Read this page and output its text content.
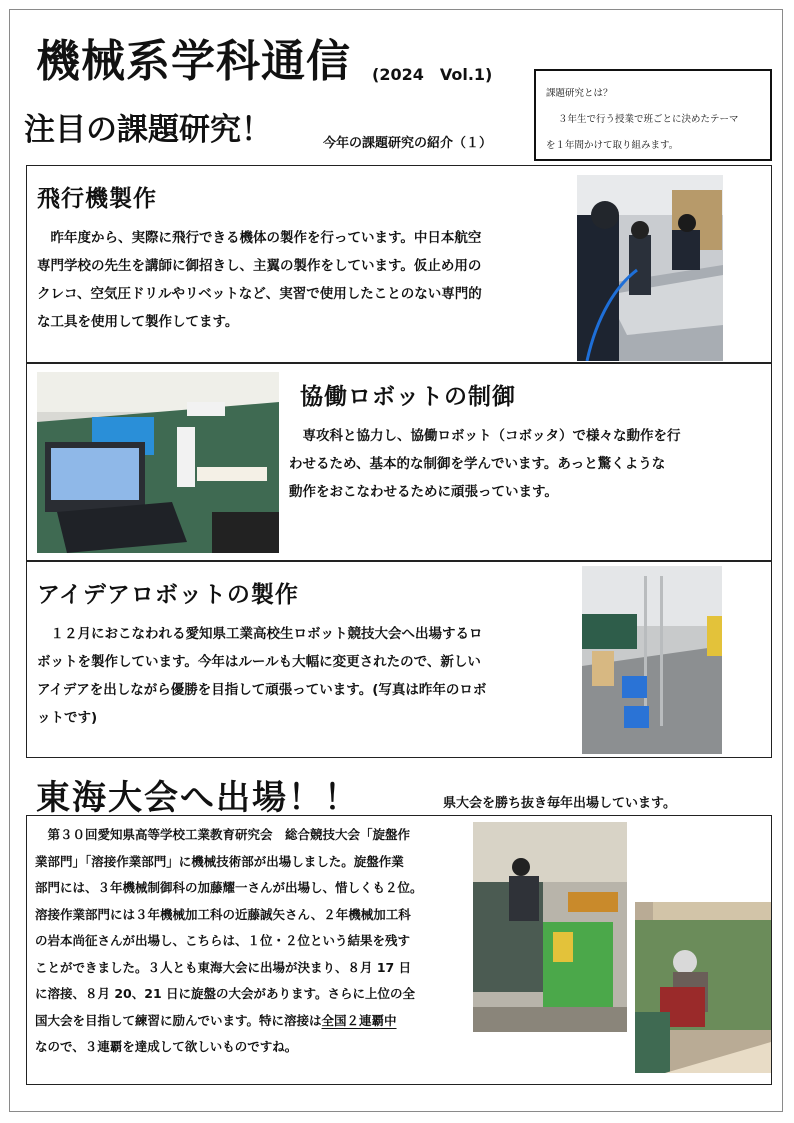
機械系学科通信 (2024　Vol.1)
課題研究とは？
３年生で行う授業で班ごとに決めたテーマ
を１年間かけて取り組みます。
注目の課題研究！	今年の課題研究の紹介（１）
飛行機製作
　昨年度から、実際に飛行できる機体の製作を行っています。中日本航空
専門学校の先生を講師に御招きし、主翼の製作をしています。仮止め用の
クレコ、空気圧ドリルやリベットなど、実習で使用したことのない専門的
な工具を使用して製作してます。
協働ロボットの制御
　専攻科と協力し、協働ロボット（コボッタ）で様々な動作を行
わせるため、基本的な制御を学んでいます。あっと驚くような
動作をおこなわせるために頑張っています。
アイデアロボットの製作
　１２月におこなわれる愛知県工業高校生ロボット競技大会へ出場するロ
ボットを製作しています。今年はルールも大幅に変更されたので、新しい
アイデアを出しながら優勝を目指して頑張っています。(写真は昨年のロボ
ットです)
東海大会へ出場！！	県大会を勝ち抜き毎年出場しています。
　第３０回愛知県高等学校工業教育研究会　総合競技大会「旋盤作
業部門」「溶接作業部門」に機械技術部が出場しました。旋盤作業
部門には、３年機械制御科の加藤耀一さんが出場し、惜しくも２位。
溶接作業部門には３年機械加工科の近藤誠矢さん、２年機械加工科
の岩本尚征さんが出場し、こちらは、１位・２位という結果を残す
ことができました。３人とも東海大会に出場が決まり、８月 17 日
に溶接、８月 20、21 日に旋盤の大会があります。さらに上位の全
国大会を目指して練習に励んでいます。特に溶接は全国２連覇中
なので、３連覇を達成して欲しいものですね。
